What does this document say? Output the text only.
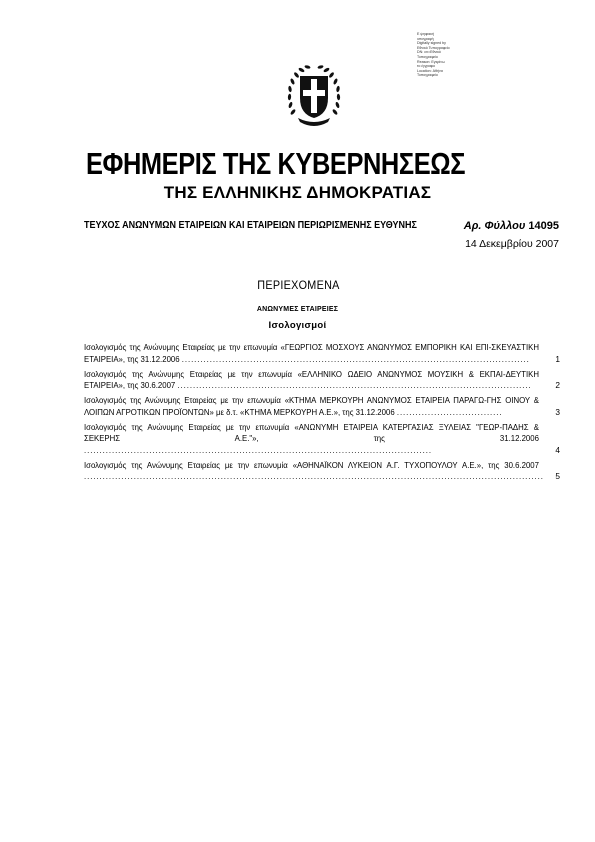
Ε ψηφιακή
υπογραφή
Digitally signed by
Εθνικό Τυπογραφείο
DN: cn=Εθνικό
Τυπογραφείο
Reason: Εγκρίνω
το έγγραφο
Location: Αθήνα
Τυπογραφείο
ΕΦΗΜΕΡΙΣ ΤΗΣ ΚΥΒΕΡΝΗΣΕΩΣ
ΤΗΣ ΕΛΛΗΝΙΚΗΣ ΔΗΜΟΚΡΑΤΙΑΣ
ΤΕΥΧΟΣ ΑΝΩΝΥΜΩΝ ΕΤΑΙΡΕΙΩΝ ΚΑΙ ΕΤΑΙΡΕΙΩΝ ΠΕΡΙΩΡΙΣΜΕΝΗΣ ΕΥΘΥΝΗΣ	Αρ. Φύλλου 14095
14 Δεκεμβρίου 2007
ΠΕΡΙΕΧΟΜΕΝΑ
ΑΝΩΝΥΜΕΣ ΕΤΑΙΡΕΙΕΣ
Ισολογισμοί
Ισολογισμός της Ανώνυμης Εταιρείας με την επωνυμία «ΓΕΩΡΓΙΟΣ ΜΟΣΧΟΥΣ ΑΝΩΝΥΜΟΣ ΕΜΠΟΡΙΚΗ ΚΑΙ ΕΠΙ-ΣΚΕΥΑΣΤΙΚΗ ΕΤΑΙΡΕΙΑ», της 31.12.2006 ................................................................................................................	1
Ισολογισμός της Ανώνυμης Εταιρείας με την επωνυμία «ΕΛΛΗΝΙΚΟ ΩΔΕΙΟ ΑΝΩΝΥΜΟΣ ΜΟΥΣΙΚΗ & ΕΚΠΑΙ-ΔΕΥΤΙΚΗ ΕΤΑΙΡΕΙΑ», της 30.6.2007 ..................................................................................................................	2
Ισολογισμός της Ανώνυμης Εταιρείας με την επωνυμία «ΚΤΗΜΑ ΜΕΡΚΟΥΡΗ ΑΝΩΝΥΜΟΣ ΕΤΑΙΡΕΙΑ ΠΑΡΑΓΩ-ΓΗΣ ΟΙΝΟΥ & ΛΟΙΠΩΝ ΑΓΡΟΤΙΚΩΝ ΠΡΟΪΟΝΤΩΝ» με δ.τ. «ΚΤΗΜΑ ΜΕΡΚΟΥΡΗ Α.Ε.», της 31.12.2006 ..................................	3
Ισολογισμός της Ανώνυμης Εταιρείας με την επωνυμία «ΑΝΩΝΥΜΗ ΕΤΑΙΡΕΙΑ ΚΑΤΕΡΓΑΣΙΑΣ ΞΥΛΕΙΑΣ "ΓΕΩΡ-ΠΑΔΗΣ & ΣΕΚΕΡΗΣ Α.Ε."», της 31.12.2006 ................................................................................................................	4
Ισολογισμός της Ανώνυμης Εταιρείας με την επωνυμία «ΑΘΗΝΑΪΚΟΝ ΛΥΚΕΙΟΝ Α.Γ. ΤΥΧΟΠΟΥΛΟΥ Α.Ε.», της 30.6.2007 .................................................................................................................................................... 5
